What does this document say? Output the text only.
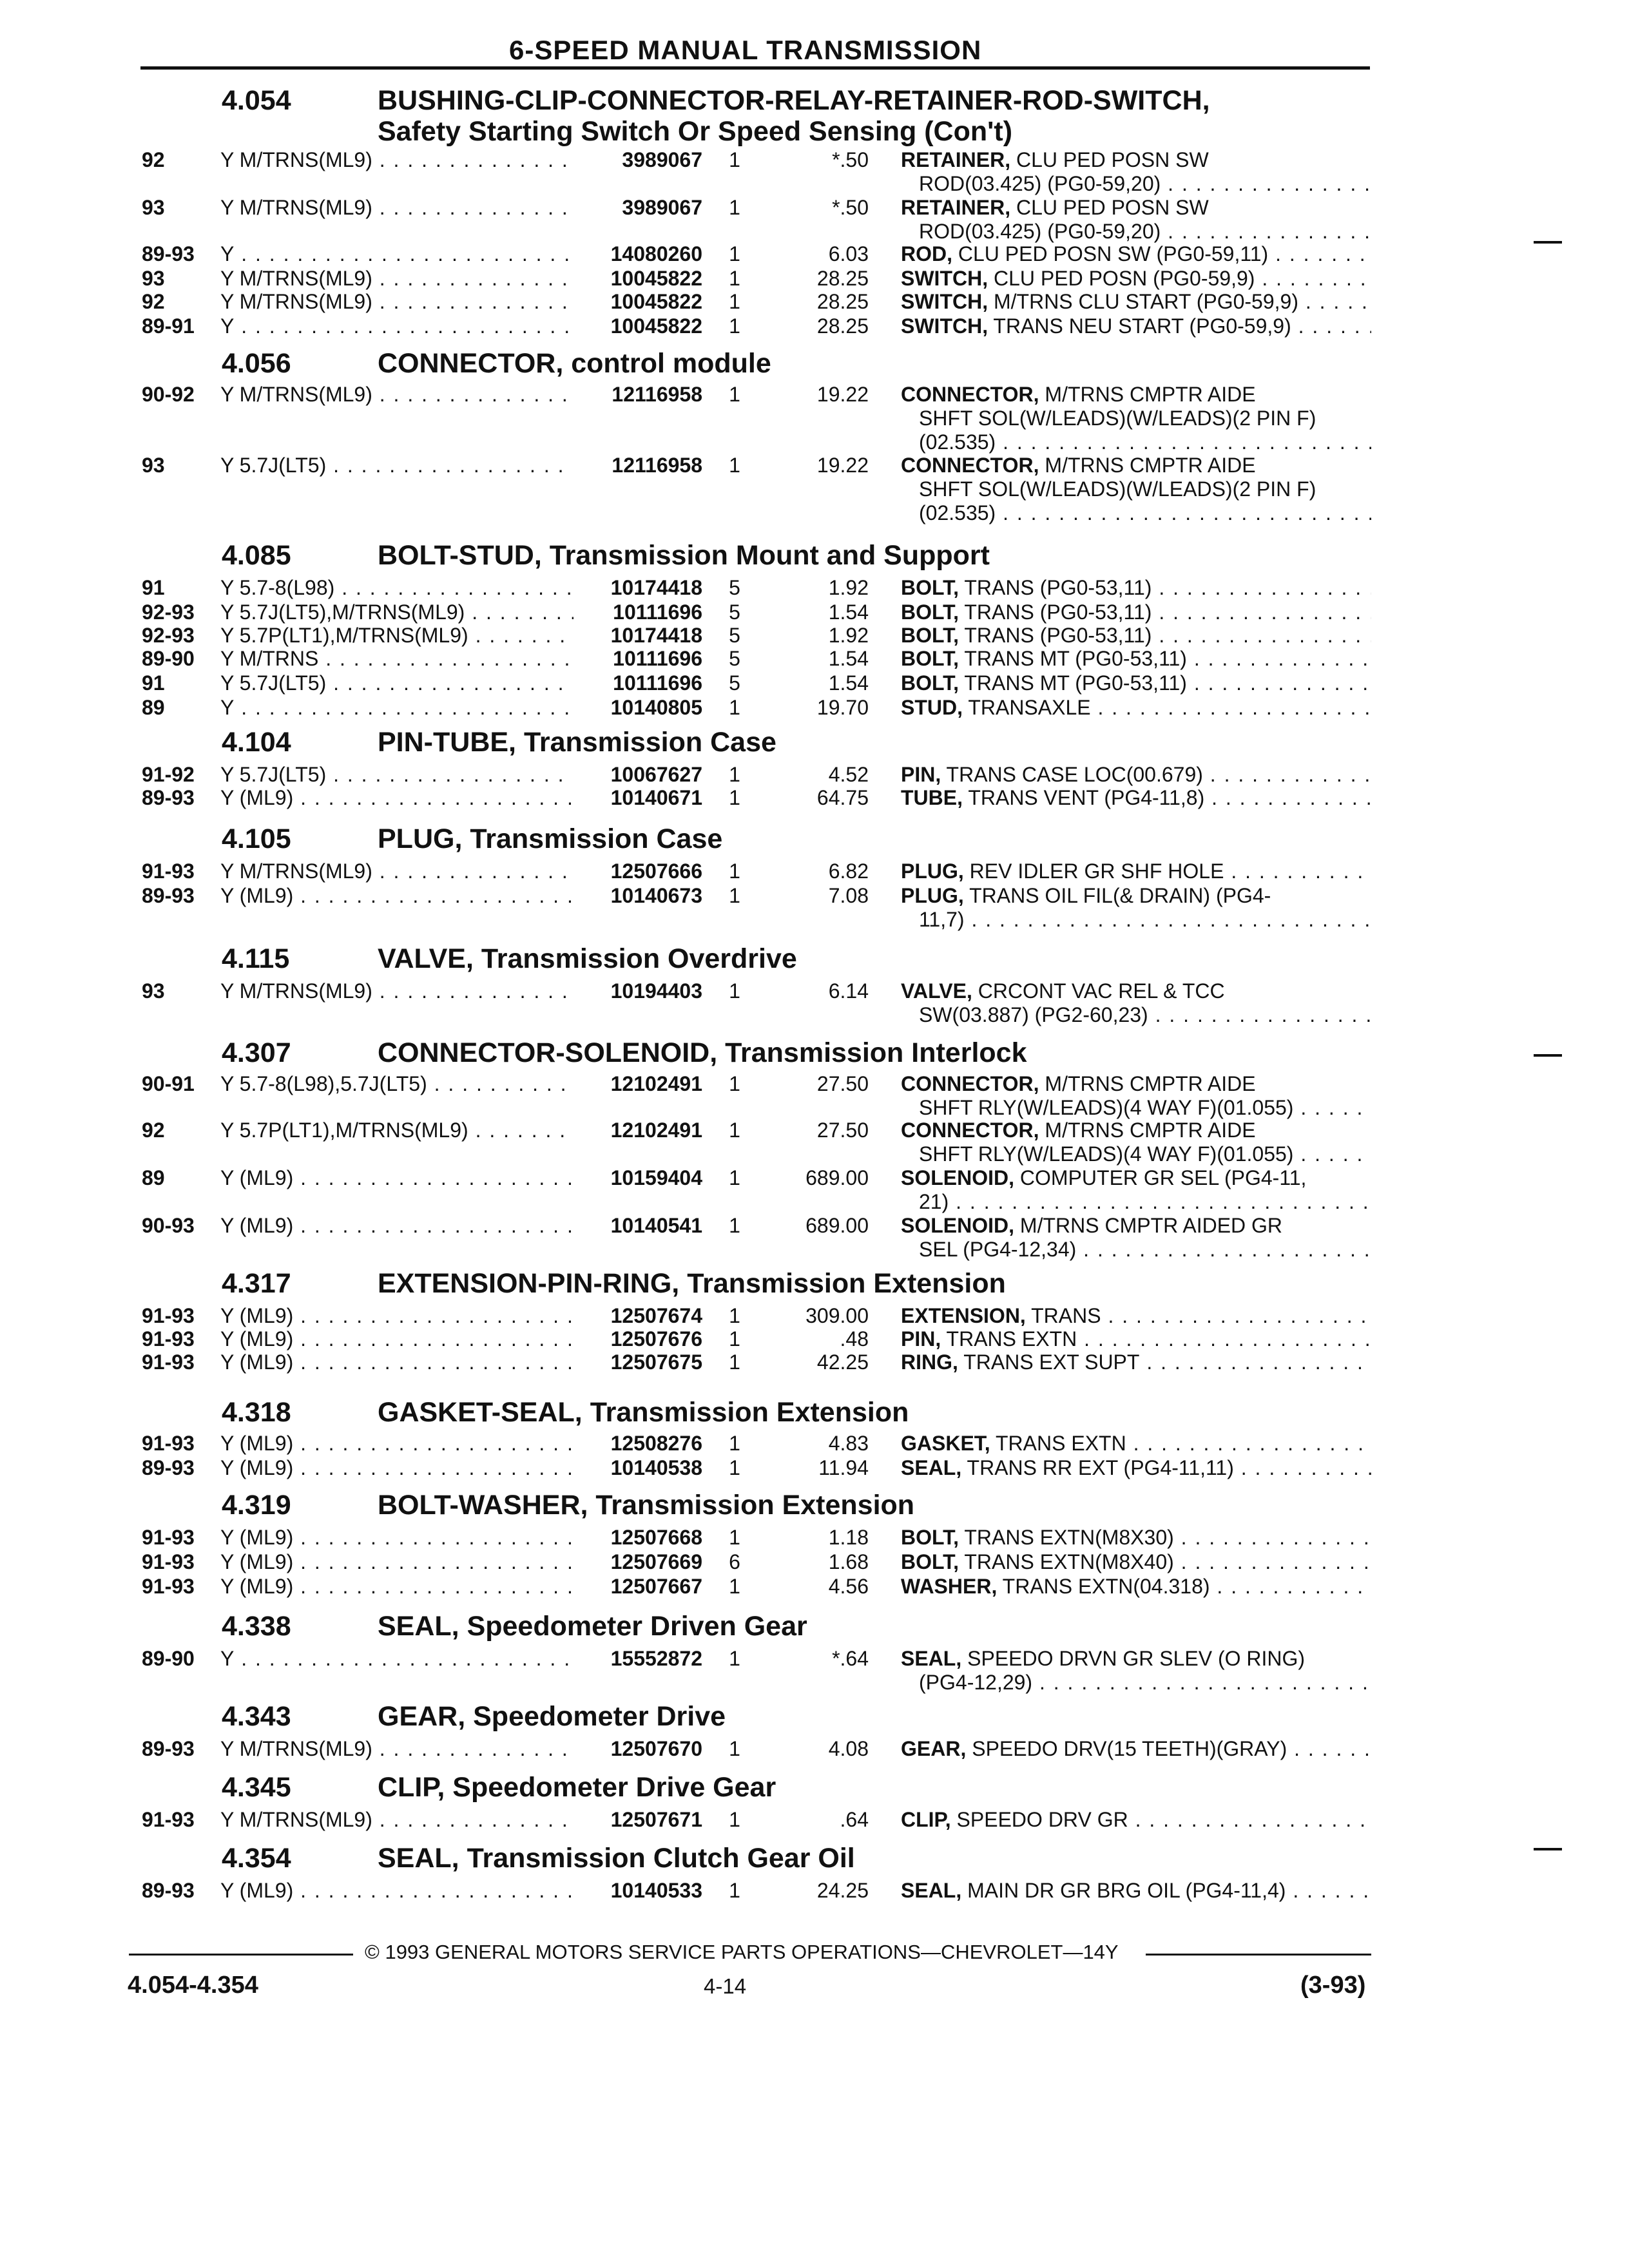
6-SPEED MANUAL TRANSMISSION
4.054	BUSHING-CLIP-CONNECTOR-RELAY-RETAINER-ROD-SWITCH,
Safety Starting Switch Or Speed Sensing (Con't)
92	Y M/TRNS(ML9) . . .	3989067	1	*.50 RETAINER, CLU PED POSN SW
ROD(03.425) (PG0-59,20) . . .
93	Y M/TRNS(ML9) . . .	3989067	1	*.50 RETAINER, CLU PED POSN SW
ROD(03.425) (PG0-59,20) . . .
89-93 Y . . .	14080260	1	6.03 ROD, CLU PED POSN SW (PG0-59,11) . . .
93	Y M/TRNS(ML9) . . .	10045822	1	28.25 SWITCH, CLU PED POSN (PG0-59,9) . . .
92	Y M/TRNS(ML9) . . .	10045822	1	28.25 SWITCH, M/TRNS CLU START (PG0-59,9) . . .
89-91 Y . . .	10045822	1	28.25 SWITCH, TRANS NEU START (PG0-59,9) . . .
4.056	CONNECTOR, control module
90-92 Y M/TRNS(ML9) . . .	12116958	1	19.22 CONNECTOR, M/TRNS CMPTR AIDE
SHFT SOL(W/LEADS)(W/LEADS)(2 PIN F)
(02.535) . . .
93	Y 5.7J(LT5) . . .	12116958	1	19.22 CONNECTOR, M/TRNS CMPTR AIDE
SHFT SOL(W/LEADS)(W/LEADS)(2 PIN F)
(02.535) . . .
4.085	BOLT-STUD, Transmission Mount and Support
91	Y 5.7-8(L98) . . .	10174418	5	1.92 BOLT, TRANS (PG0-53,11) . . .
92-93 Y 5.7J(LT5),M/TRNS(ML9) . . .	10111696	5	1.54 BOLT, TRANS (PG0-53,11) . . .
92-93 Y 5.7P(LT1),M/TRNS(ML9) . . .	10174418	5	1.92 BOLT, TRANS (PG0-53,11) . . .
89-90 Y M/TRNS . . .	10111696	5	1.54 BOLT, TRANS MT (PG0-53,11) . . .
91	Y 5.7J(LT5) . . .	10111696	5	1.54 BOLT, TRANS MT (PG0-53,11) . . .
89	Y . . .	10140805	1	19.70 STUD, TRANSAXLE . . .
4.104	PIN-TUBE, Transmission Case
91-92 Y 5.7J(LT5) . . .	10067627	1	4.52 PIN, TRANS CASE LOC(00.679) . . .
89-93 Y (ML9) . . .	10140671	1	64.75 TUBE, TRANS VENT (PG4-11,8) . . .
4.105	PLUG, Transmission Case
91-93 Y M/TRNS(ML9) . . .	12507666	1	6.82 PLUG, REV IDLER GR SHF HOLE . . .
89-93 Y (ML9) . . .	10140673	1	7.08 PLUG, TRANS OIL FIL(& DRAIN) (PG4-
11,7) . . .
4.115	VALVE, Transmission Overdrive
93	Y M/TRNS(ML9) . . .	10194403	1	6.14 VALVE, CRCONT VAC REL & TCC
SW(03.887) (PG2-60,23) . . .
4.307	CONNECTOR-SOLENOID, Transmission Interlock
90-91 Y 5.7-8(L98),5.7J(LT5) . . .	12102491	1	27.50 CONNECTOR, M/TRNS CMPTR AIDE
SHFT RLY(W/LEADS)(4 WAY F)(01.055) . . .
92	Y 5.7P(LT1),M/TRNS(ML9) . . .	12102491	1	27.50 CONNECTOR, M/TRNS CMPTR AIDE
SHFT RLY(W/LEADS)(4 WAY F)(01.055) . . .
89	Y (ML9) . . .	10159404	1	689.00 SOLENOID, COMPUTER GR SEL (PG4-11,
21) . . .
90-93 Y (ML9) . . .	10140541	1	689.00 SOLENOID, M/TRNS CMPTR AIDED GR
SEL (PG4-12,34) . . .
4.317	EXTENSION-PIN-RING, Transmission Extension
91-93 Y (ML9) . . .	12507674	1	309.00 EXTENSION, TRANS . . .
91-93 Y (ML9) . . .	12507676	1	.48 PIN, TRANS EXTN . . .
91-93 Y (ML9) . . .	12507675	1	42.25 RING, TRANS EXT SUPT . . .
4.318	GASKET-SEAL, Transmission Extension
91-93 Y (ML9) . . .	12508276	1	4.83 GASKET, TRANS EXTN . . .
89-93 Y (ML9) . . .	10140538	1	11.94 SEAL, TRANS RR EXT (PG4-11,11) . . .
4.319	BOLT-WASHER, Transmission Extension
91-93 Y (ML9) . . .	12507668	1	1.18 BOLT, TRANS EXTN(M8X30) . . .
91-93 Y (ML9) . . .	12507669	6	1.68 BOLT, TRANS EXTN(M8X40) . . .
91-93 Y (ML9) . . .	12507667	1	4.56 WASHER, TRANS EXTN(04.318) . . .
4.338	SEAL, Speedometer Driven Gear
89-90 Y . . .	15552872	1	*.64 SEAL, SPEEDO DRVN GR SLEV (O RING)
(PG4-12,29) . . .
4.343	GEAR, Speedometer Drive
89-93 Y M/TRNS(ML9) . . .	12507670	1	4.08 GEAR, SPEEDO DRV(15 TEETH)(GRAY) . . .
4.345	CLIP, Speedometer Drive Gear
91-93 Y M/TRNS(ML9) . . .	12507671	1	.64 CLIP, SPEEDO DRV GR . . .
4.354	SEAL, Transmission Clutch Gear Oil
89-93 Y (ML9) . . .	10140533	1	24.25 SEAL, MAIN DR GR BRG OIL (PG4-11,4) . . .
© 1993 GENERAL MOTORS SERVICE PARTS OPERATIONS—CHEVROLET—14Y
4.054-4.354	4-14	(3-93)
